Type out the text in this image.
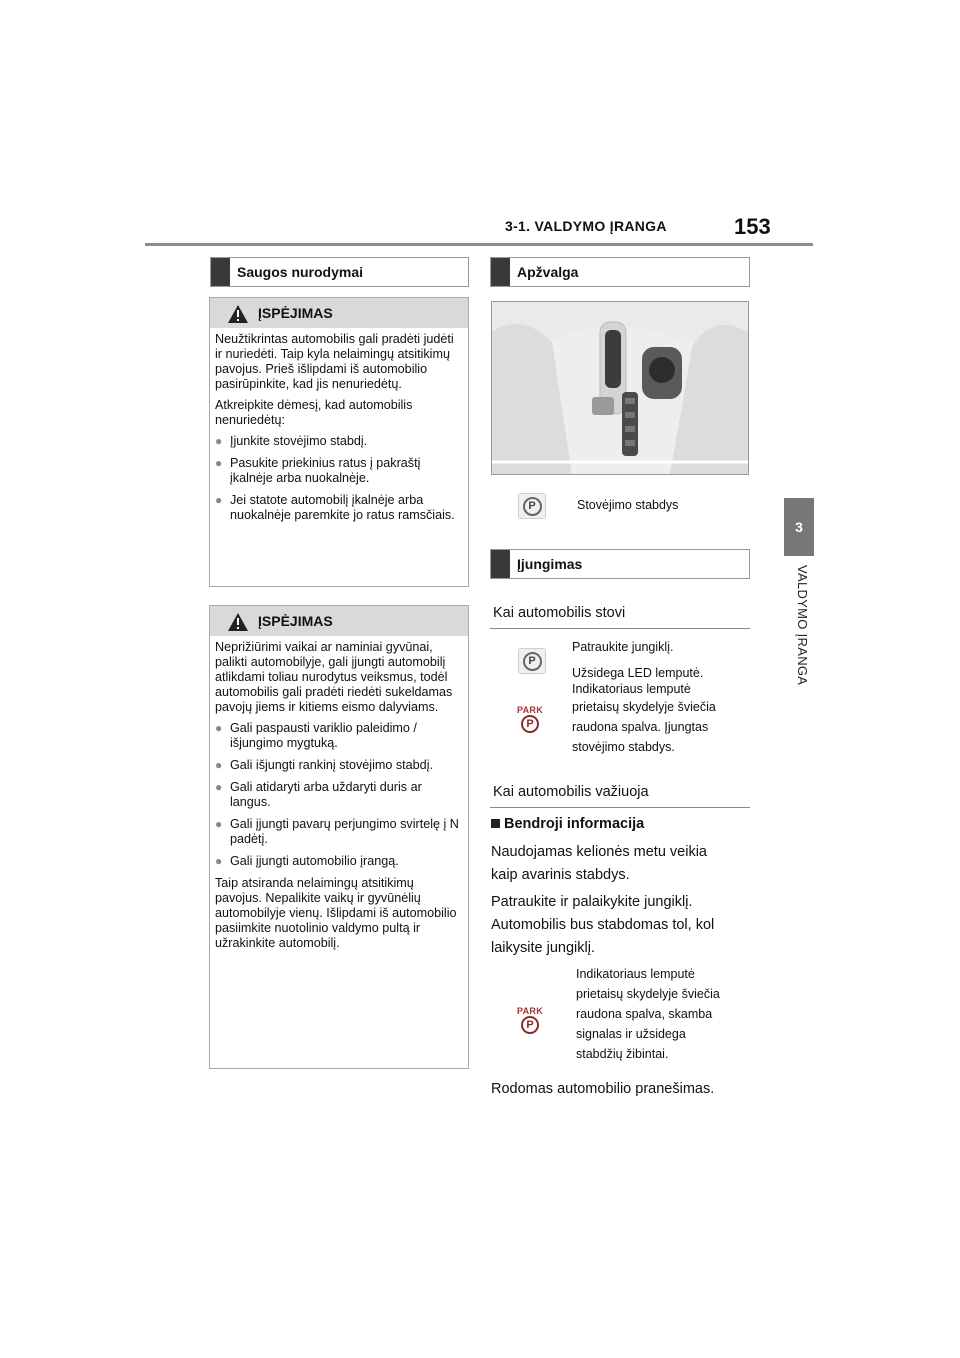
3-1. VALDYMO ĮRANGA	153
3
VALDYMO ĮRANGA
Saugos nurodymai
ĮSPĖJIMAS

Neužtikrintas automobilis gali pradėti judėti ir nuriedėti. Taip kyla nelaimingų atsitikimų pavojus. Prieš išlipdami iš automobilio pasirūpinkite, kad jis nenuriedėtų.

Atkreipkite dėmesį, kad automobilis nenuriedėtų:

● Įjunkite stovėjimo stabdį.
● Pasukite priekinius ratus į pakraštį įkalnėje arba nuokalnėje.
● Jei statote automobilį įkalnėje arba nuokalnėje paremkite jo ratus ramsčiais.
ĮSPĖJIMAS

Neprižiūrimi vaikai ar naminiai gyvūnai, palikti automobilyje, gali įjungti automobilį atlikdami toliau nurodytus veiksmus, todėl automobilis gali pradėti riedėti sukeldamas pavojų jiems ir kitiems eismo dalyviams.

● Gali paspausti variklio paleidimo / išjungimo mygtuką.
● Gali išjungti rankinį stovėjimo stabdį.
● Gali atidaryti arba uždaryti duris ar langus.
● Gali įjungti pavarų perjungimo svirtelę į N padėtį.
● Gali įjungti automobilio įrangą.

Taip atsiranda nelaimingų atsitikimų pavojus. Nepalikite vaikų ir gyvūnėlių automobilyje vienų. Išlipdami iš automobilio pasiimkite nuotolinio valdymo pultą ir užrakinkite automobilį.

Apžvalga
P	Stovėjimo stabdys
Įjungimas
Kai automobilis stovi
P
PARK
P
Patraukite jungiklį.
Užsidega LED lemputė.
Indikatoriaus lemputė
prietaisų skydelyje šviečia
raudona spalva. Įjungtas
stovėjimo stabdys.
Kai automobilis važiuoja
Bendroji informacija
Naudojamas kelionės metu veikia
kaip avarinis stabdys.
Patraukite ir palaikykite jungiklį.
Automobilis bus stabdomas tol, kol
laikysite jungiklį.
PARK
P
Indikatoriaus lemputė
prietaisų skydelyje šviečia
raudona spalva, skamba
signalas ir užsidega
stabdžių žibintai.
Rodomas automobilio pranešimas.
